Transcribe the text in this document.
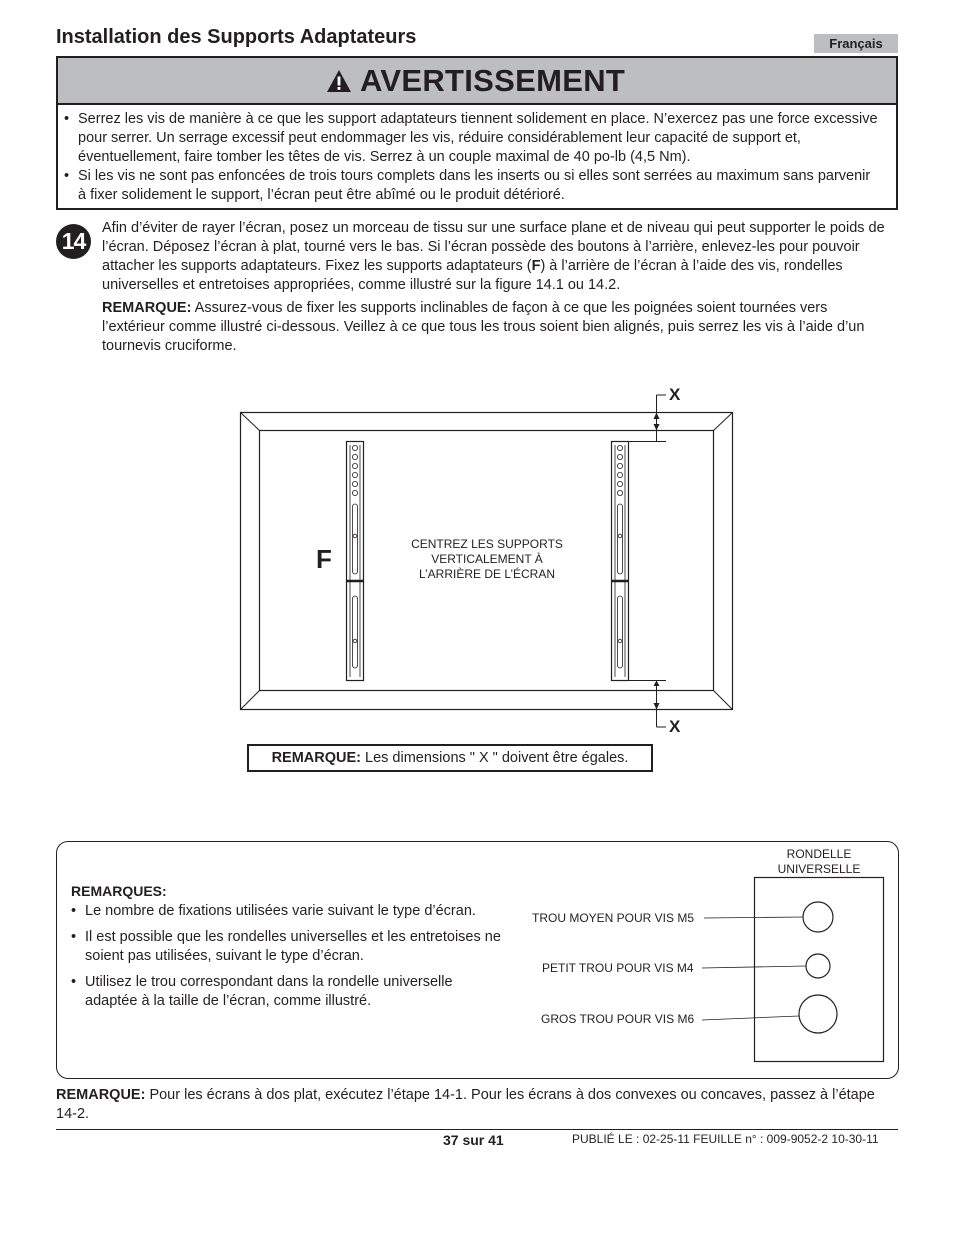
Installation des Supports Adaptateurs	Français
AVERTISSEMENT
• Serrez les vis de manière à ce que les support adaptateurs tiennent solidement en place. N’exercez pas une force excessive pour serrer. Un serrage excessif peut endommager les vis, réduire considérablement leur capacité de support et, éventuellement, faire tomber les têtes de vis. Serrez à un couple maximal de 40 po-lb (4,5 Nm).
• Si les vis ne sont pas enfoncées de trois tours complets dans les inserts ou si elles sont serrées au maximum sans parvenir à fixer solidement le support, l’écran peut être abîmé ou le produit détérioré.
14	Afin d’éviter de rayer l’écran, posez un morceau de tissu sur une surface plane et de niveau qui peut supporter le poids de l’écran. Déposez l’écran à plat, tourné vers le bas. Si l’écran possède des boutons à l’arrière, enlevez-les pour pouvoir attacher les supports adaptateurs. Fixez les supports adaptateurs (F) à l’arrière de l’écran à l’aide des vis, rondelles universelles et entretoises appropriées, comme illustré sur la figure 14.1 ou 14.2.
REMARQUE: Assurez-vous de fixer les supports inclinables de façon à ce que les poignées soient tournées vers l’extérieur comme illustré ci-dessous. Veillez à ce que tous les trous soient bien alignés, puis serrez les vis à l’aide d’un tournevis cruciforme.
F
X
X
CENTREZ LES SUPPORTS
VERTICALEMENT À
L’ARRIÈRE DE L’ÉCRAN
REMARQUE: Les dimensions " X " doivent être égales.
REMARQUES:
• Le nombre de fixations utilisées varie suivant le type d’écran.
• Il est possible que les rondelles universelles et les entretoises ne soient pas utilisées, suivant le type d’écran.
• Utilisez le trou correspondant dans la rondelle universelle adaptée à la taille de l’écran, comme illustré.
RONDELLE
UNIVERSELLE
TROU MOYEN POUR VIS M5
PETIT TROU POUR VIS M4
GROS TROU POUR VIS M6
REMARQUE: Pour les écrans à dos plat, exécutez l’étape 14-1. Pour les écrans à dos convexes ou concaves, passez à l’étape 14-2.
37 sur 41	PUBLIÉ LE : 02-25-11 FEUILLE n° : 009-9052-2 10-30-11
